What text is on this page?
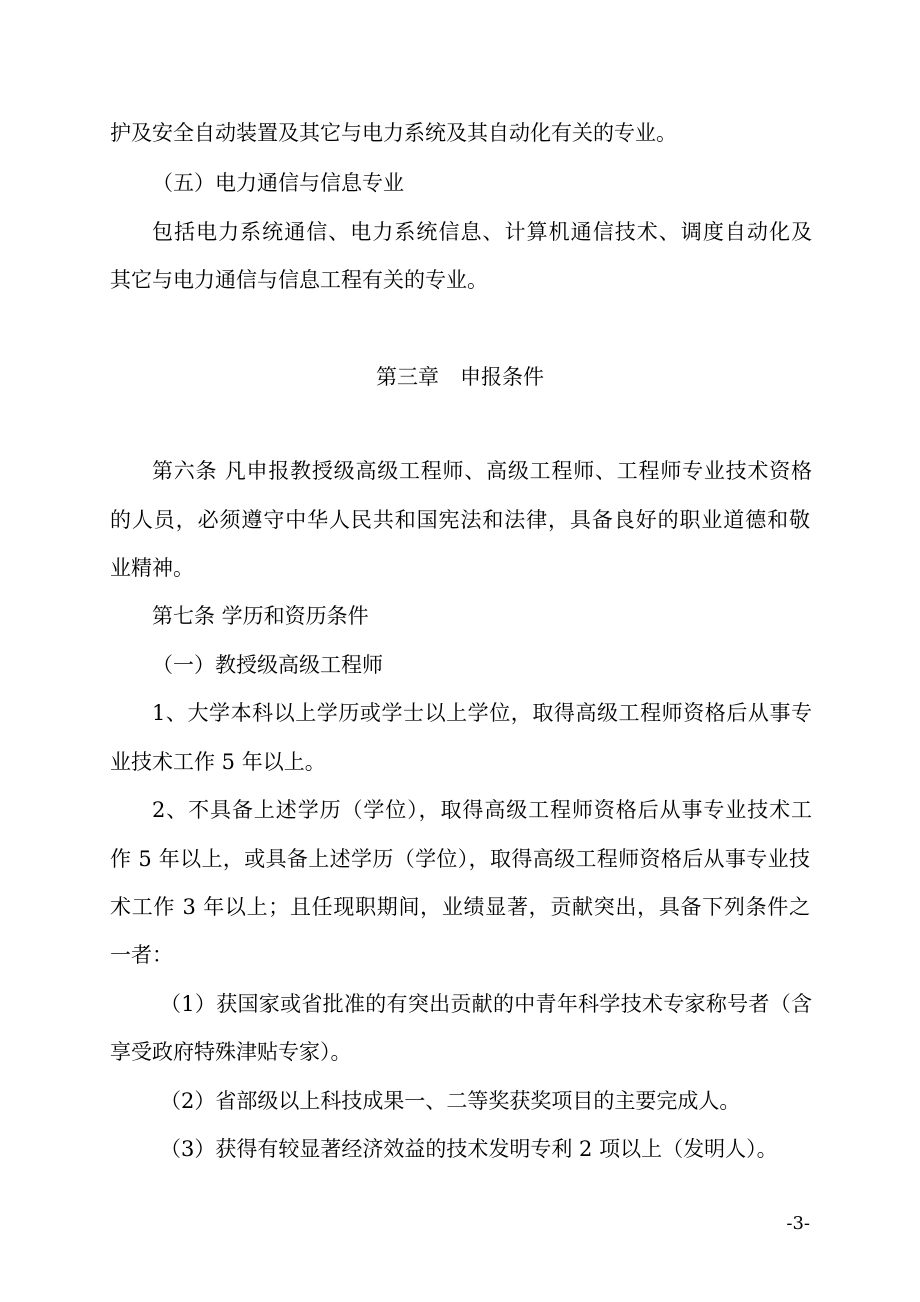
护及安全自动装置及其它与电力系统及其自动化有关的专业。
（五）电力通信与信息专业
包括电力系统通信、电力系统信息、计算机通信技术、调度自动化及
其它与电力通信与信息工程有关的专业。
第三章　申报条件
第六条 凡申报教授级高级工程师、高级工程师、工程师专业技术资格
的人员，必须遵守中华人民共和国宪法和法律，具备良好的职业道德和敬
业精神。
第七条 学历和资历条件
（一）教授级高级工程师
1、大学本科以上学历或学士以上学位，取得高级工程师资格后从事专
业技术工作 5 年以上。
2、不具备上述学历（学位），取得高级工程师资格后从事专业技术工
作 5 年以上，或具备上述学历（学位），取得高级工程师资格后从事专业技
术工作 3 年以上；且任现职期间，业绩显著，贡献突出，具备下列条件之
一者：
（1）获国家或省批准的有突出贡献的中青年科学技术专家称号者（含
享受政府特殊津贴专家）。
（2）省部级以上科技成果一、二等奖获奖项目的主要完成人。
（3）获得有较显著经济效益的技术发明专利 2 项以上（发明人）。
-3-
